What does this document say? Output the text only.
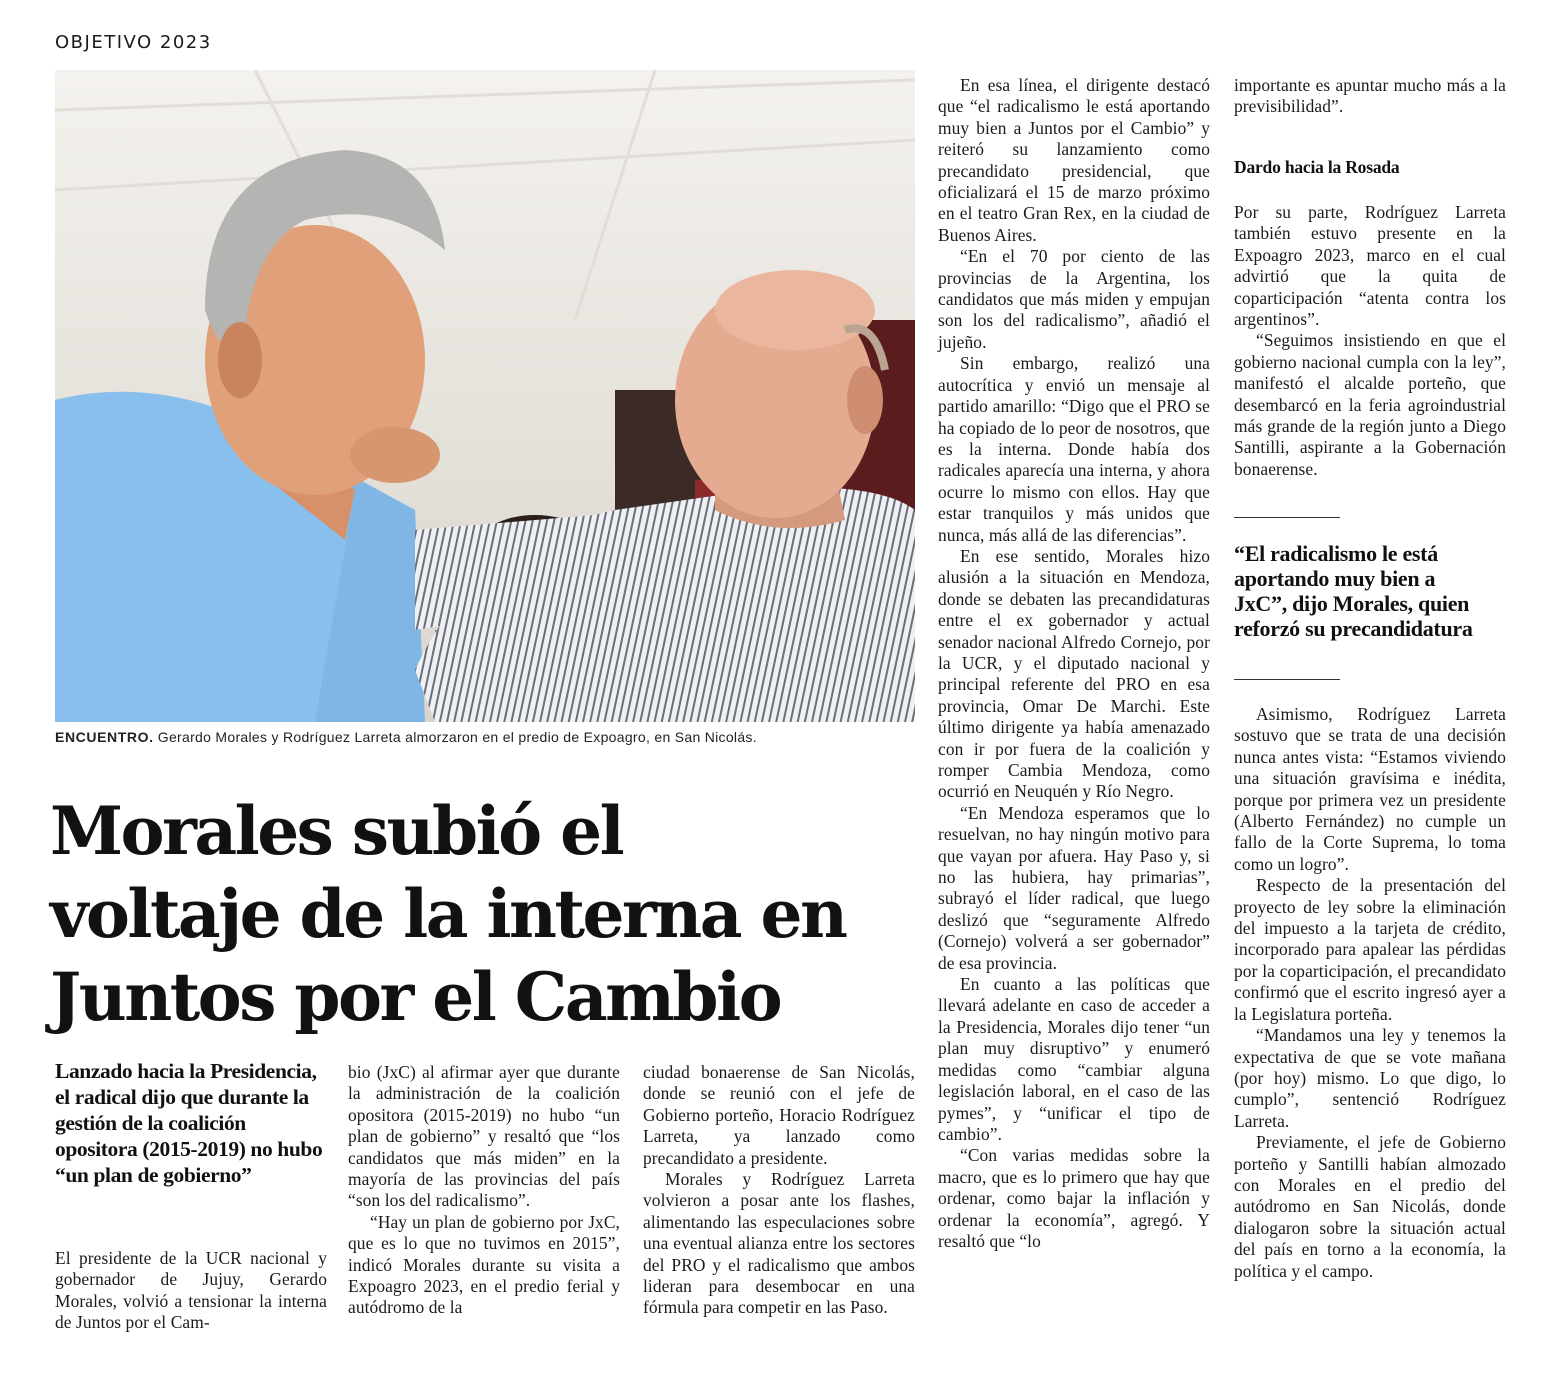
OBJETIVO 2023
ENCUENTRO. Gerardo Morales y Rodríguez Larreta almorzaron en el predio de Expoagro, en San Nicolás.
Morales subió el
voltaje de la interna en
Juntos por el Cambio
Lanzado hacia la Presidencia, el radical dijo que durante la gestión de la coalición opositora (2015-2019) no hubo “un plan de gobierno”

El presidente de la UCR nacional y gobernador de Jujuy, Gerardo Morales, volvió a tensionar la interna de Juntos por el Cam-

bio (JxC) al afirmar ayer que durante la administración de la coalición opositora (2015-2019) no hubo “un plan de gobierno” y resaltó que “los candidatos que más miden” en la mayoría de las provincias del país “son los del radicalismo”.

“Hay un plan de gobierno por JxC, que es lo que no tuvimos en 2015”, indicó Morales durante su visita a Expoagro 2023, en el predio ferial y autódromo de la

ciudad bonaerense de San Nicolás, donde se reunió con el jefe de Gobierno porteño, Horacio Rodríguez Larreta, ya lanzado como precandidato a presidente.

Morales y Rodríguez Larreta volvieron a posar ante los flashes, alimentando las especulaciones sobre una eventual alianza entre los sectores del PRO y el radicalismo que ambos lideran para desembocar en una fórmula para competir en las Paso.

En esa línea, el dirigente destacó que “el radicalismo le está aportando muy bien a Juntos por el Cambio” y reiteró su lanzamiento como precandidato presidencial, que oficializará el 15 de marzo próximo en el teatro Gran Rex, en la ciudad de Buenos Aires.

“En el 70 por ciento de las provincias de la Argentina, los candidatos que más miden y empujan son los del radicalismo”, añadió el jujeño.

Sin embargo, realizó una autocrítica y envió un mensaje al partido amarillo: “Digo que el PRO se ha copiado de lo peor de nosotros, que es la interna. Donde había dos radicales aparecía una interna, y ahora ocurre lo mismo con ellos. Hay que estar tranquilos y más unidos que nunca, más allá de las diferencias”.

En ese sentido, Morales hizo alusión a la situación en Mendoza, donde se debaten las precandidaturas entre el ex gobernador y actual senador nacional Alfredo Cornejo, por la UCR, y el diputado nacional y principal referente del PRO en esa provincia, Omar De Marchi. Este último dirigente ya había amenazado con ir por fuera de la coalición y romper Cambia Mendoza, como ocurrió en Neuquén y Río Negro.

“En Mendoza esperamos que lo resuelvan, no hay ningún motivo para que vayan por afuera. Hay Paso y, si no las hubiera, hay primarias”, subrayó el líder radical, que luego deslizó que “seguramente Alfredo (Cornejo) volverá a ser gobernador” de esa provincia.

En cuanto a las políticas que llevará adelante en caso de acceder a la Presidencia, Morales dijo tener “un plan muy disruptivo” y enumeró medidas como “cambiar alguna legislación laboral, en el caso de las pymes”, y “unificar el tipo de cambio”.

“Con varias medidas sobre la macro, que es lo primero que hay que ordenar, como bajar la inflación y ordenar la economía”, agregó. Y resaltó que “lo

importante es apuntar mucho más a la previsibilidad”.

Dardo hacia la Rosada

Por su parte, Rodríguez Larreta también estuvo presente en la Expoagro 2023, marco en el cual advirtió que la quita de coparticipación “atenta contra los argentinos”.

“Seguimos insistiendo en que el gobierno nacional cumpla con la ley”, manifestó el alcalde porteño, que desembarcó en la feria agroindustrial más grande de la región junto a Diego Santilli, aspirante a la Gobernación bonaerense.

“El radicalismo le está aportando muy bien a JxC”, dijo Morales, quien reforzó su precandidatura

Asimismo, Rodríguez Larreta sostuvo que se trata de una decisión nunca antes vista: “Estamos viviendo una situación gravísima e inédita, porque por primera vez un presidente (Alberto Fernández) no cumple un fallo de la Corte Suprema, lo toma como un logro”.

Respecto de la presentación del proyecto de ley sobre la eliminación del impuesto a la tarjeta de crédito, incorporado para apalear las pérdidas por la coparticipación, el precandidato confirmó que el escrito ingresó ayer a la Legislatura porteña.

“Mandamos una ley y tenemos la expectativa de que se vote mañana (por hoy) mismo. Lo que digo, lo cumplo”, sentenció Rodríguez Larreta.

Previamente, el jefe de Gobierno porteño y Santilli habían almozado con Morales en el predio del autódromo en San Nicolás, donde dialogaron sobre la situación actual del país en torno a la economía, la política y el campo.
